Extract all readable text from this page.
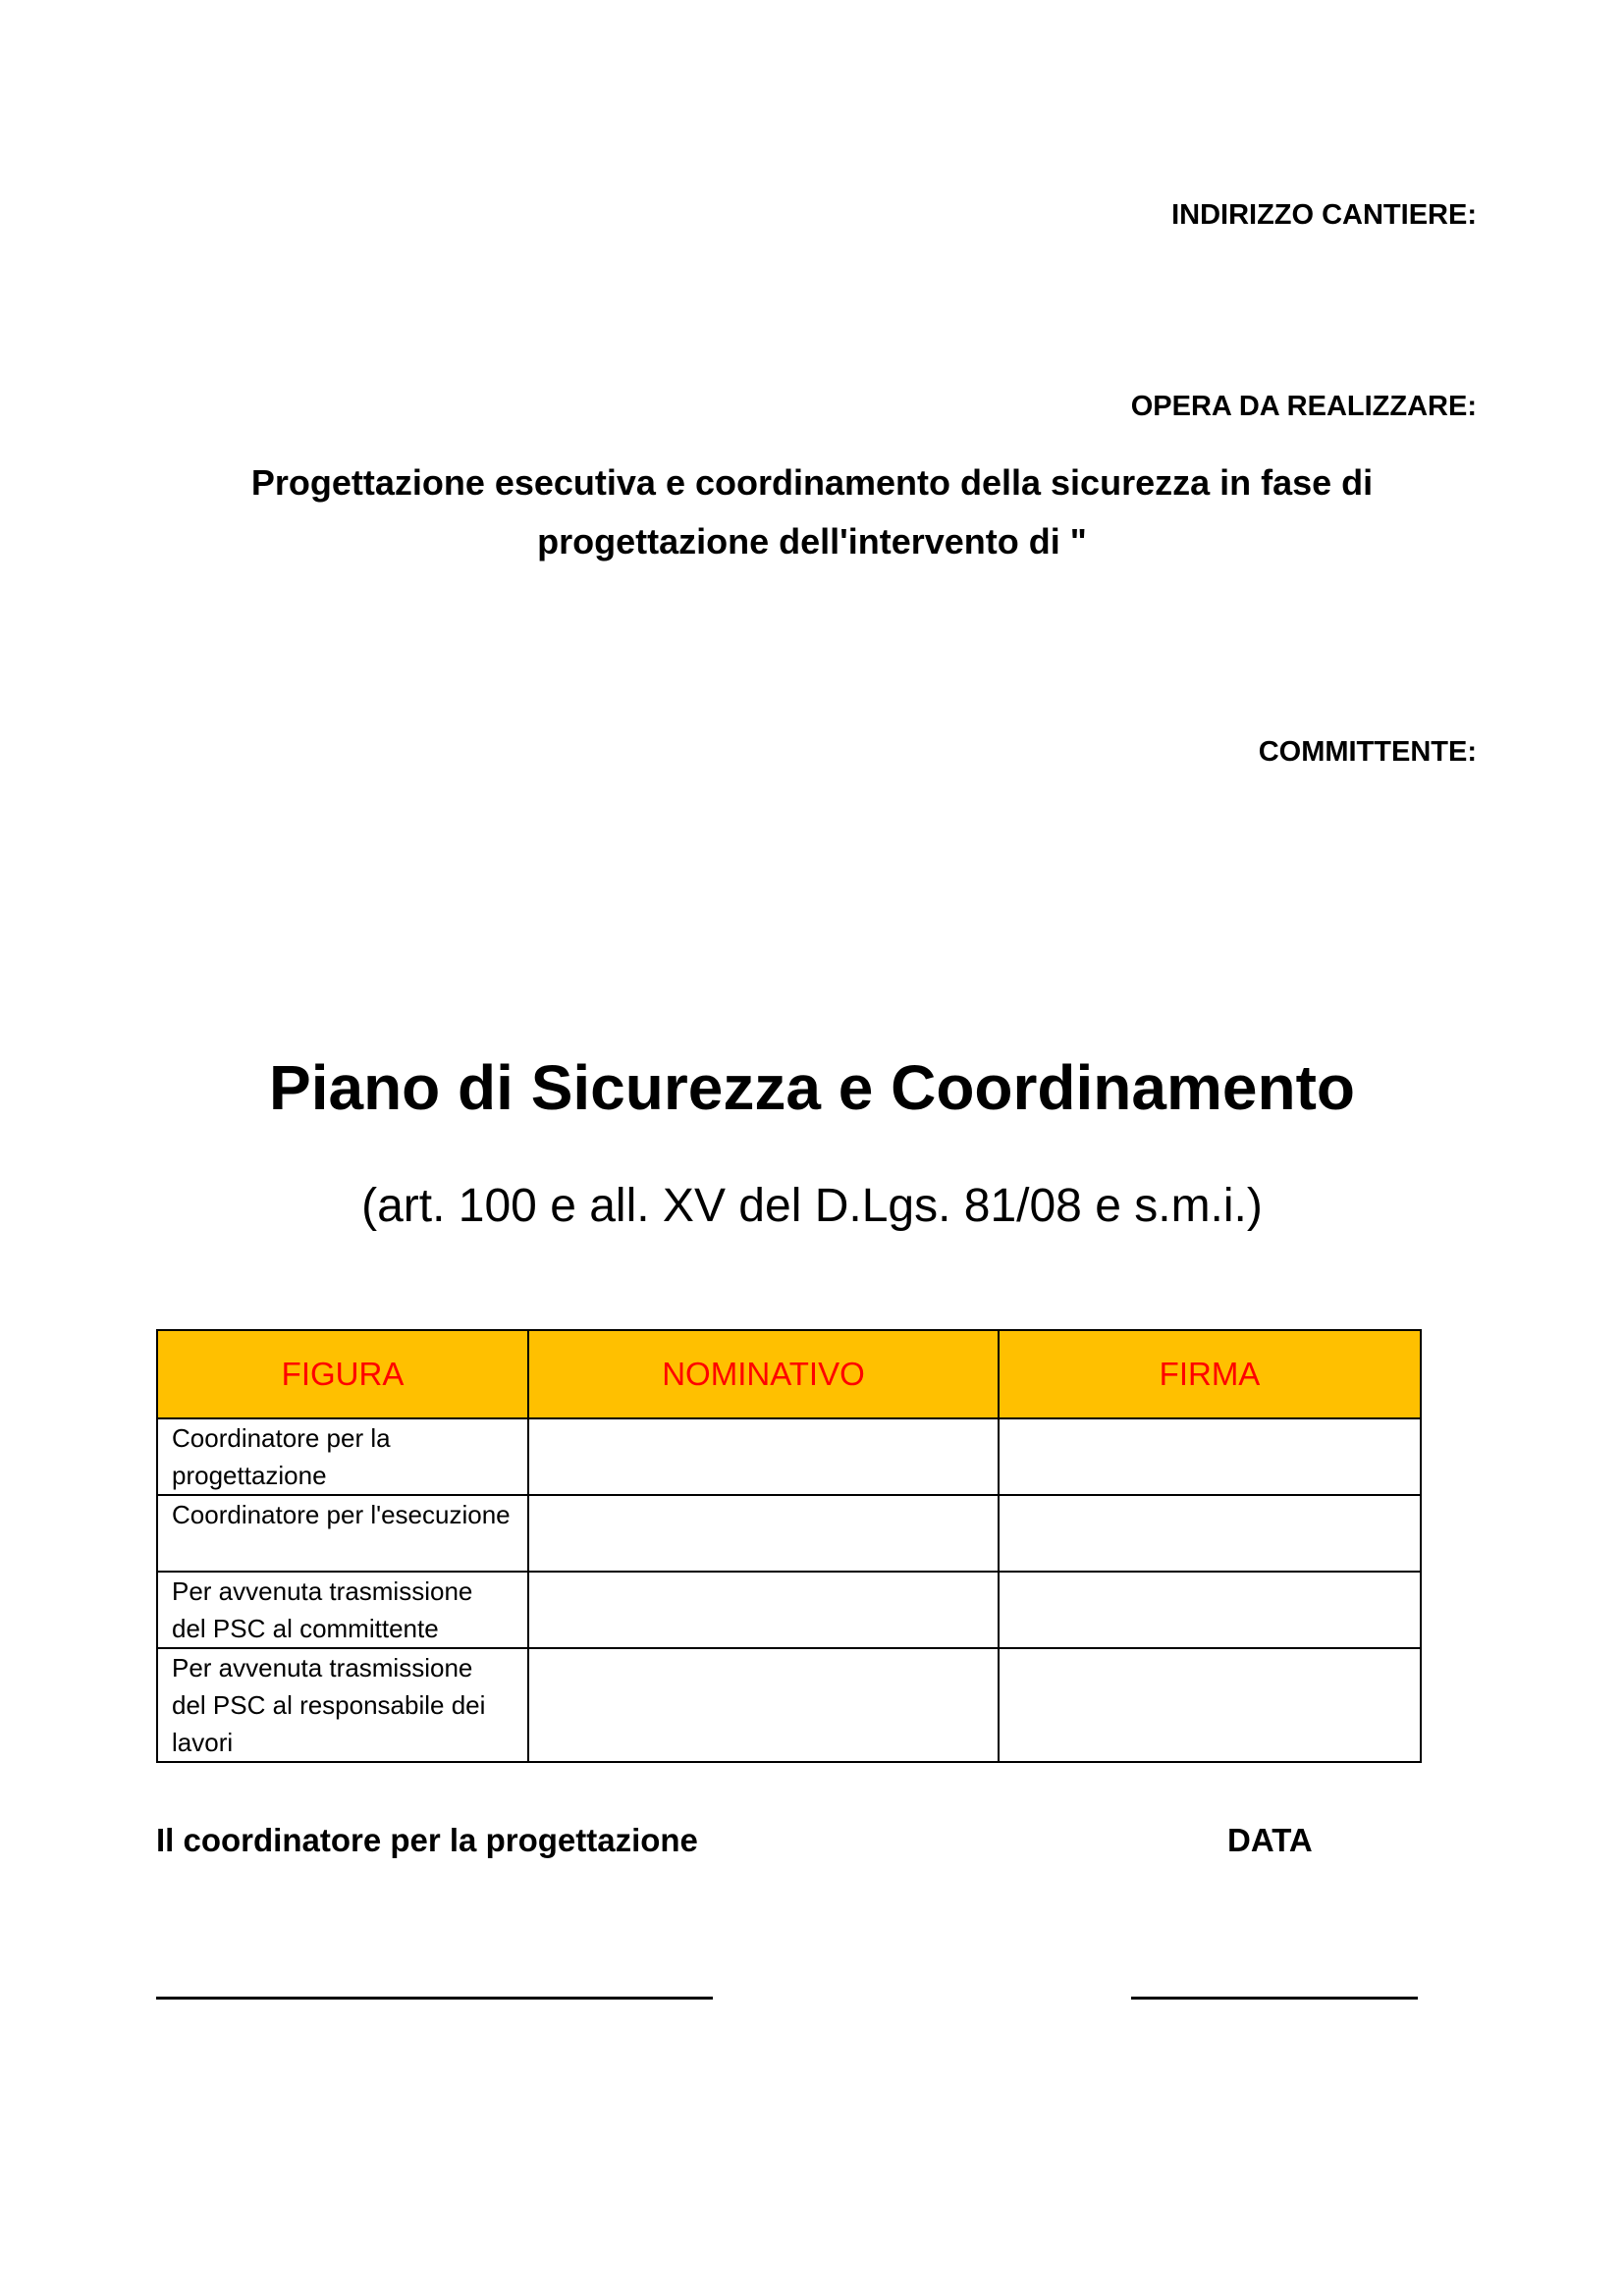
INDIRIZZO CANTIERE:
OPERA DA REALIZZARE:
Progettazione esecutiva e coordinamento della sicurezza in fase di progettazione dell'intervento di "
COMMITTENTE:
Piano di Sicurezza e Coordinamento
(art. 100 e all. XV del D.Lgs. 81/08 e s.m.i.)
FIGURA	NOMINATIVO	FIRMA
Coordinatore per la progettazione		
Coordinatore per l'esecuzione		
Per avvenuta trasmissione del PSC al committente		
Per avvenuta trasmissione del PSC al responsabile dei lavori		
Il coordinatore per la progettazione	DATA
